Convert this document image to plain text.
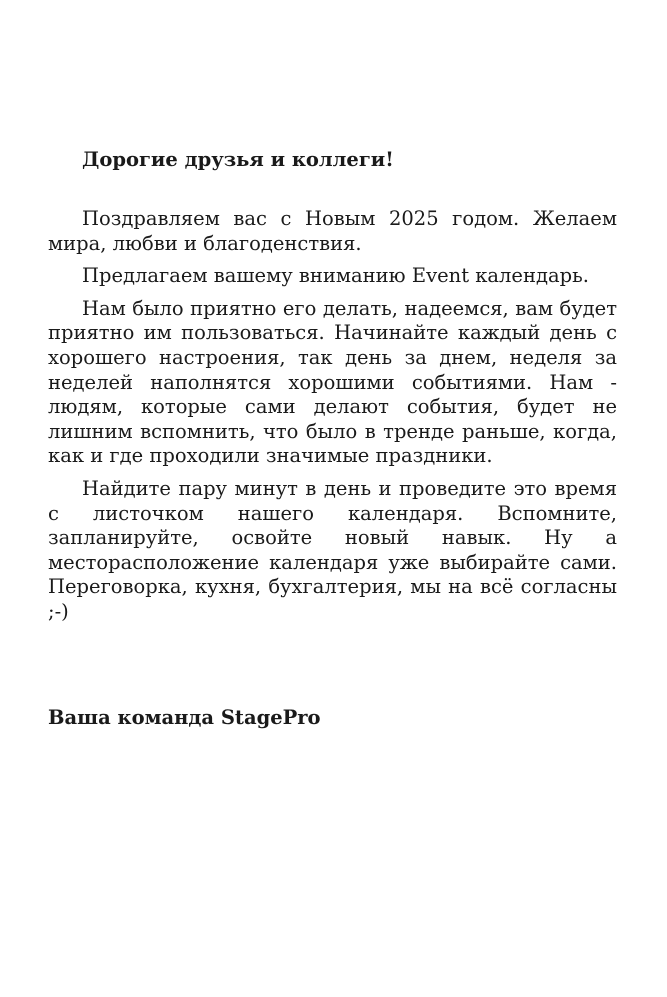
Дорогие друзья и коллеги!

Поздравляем вас с Новым 2025 годом. Желаем мира, любви и благоденствия.

Предлагаем вашему вниманию Event календарь.

Нам было приятно его делать, надеемся, вам будет приятно им пользоваться. Начинайте каждый день с хорошего настроения, так день за днем, неделя за неделей наполнятся хорошими событиями. Нам - людям, которые сами делают события, будет не лишним вспомнить, что было в тренде раньше, когда, как и где проходили значимые праздники.

Найдите пару минут в день и проведите это время с листочком нашего календаря. Вспомните, запланируйте, освойте новый навык. Ну а месторасположение календаря уже выбирайте сами. Переговорка, кухня, бухгалтерия, мы на всё согласны ;-)

Ваша команда StagePro
